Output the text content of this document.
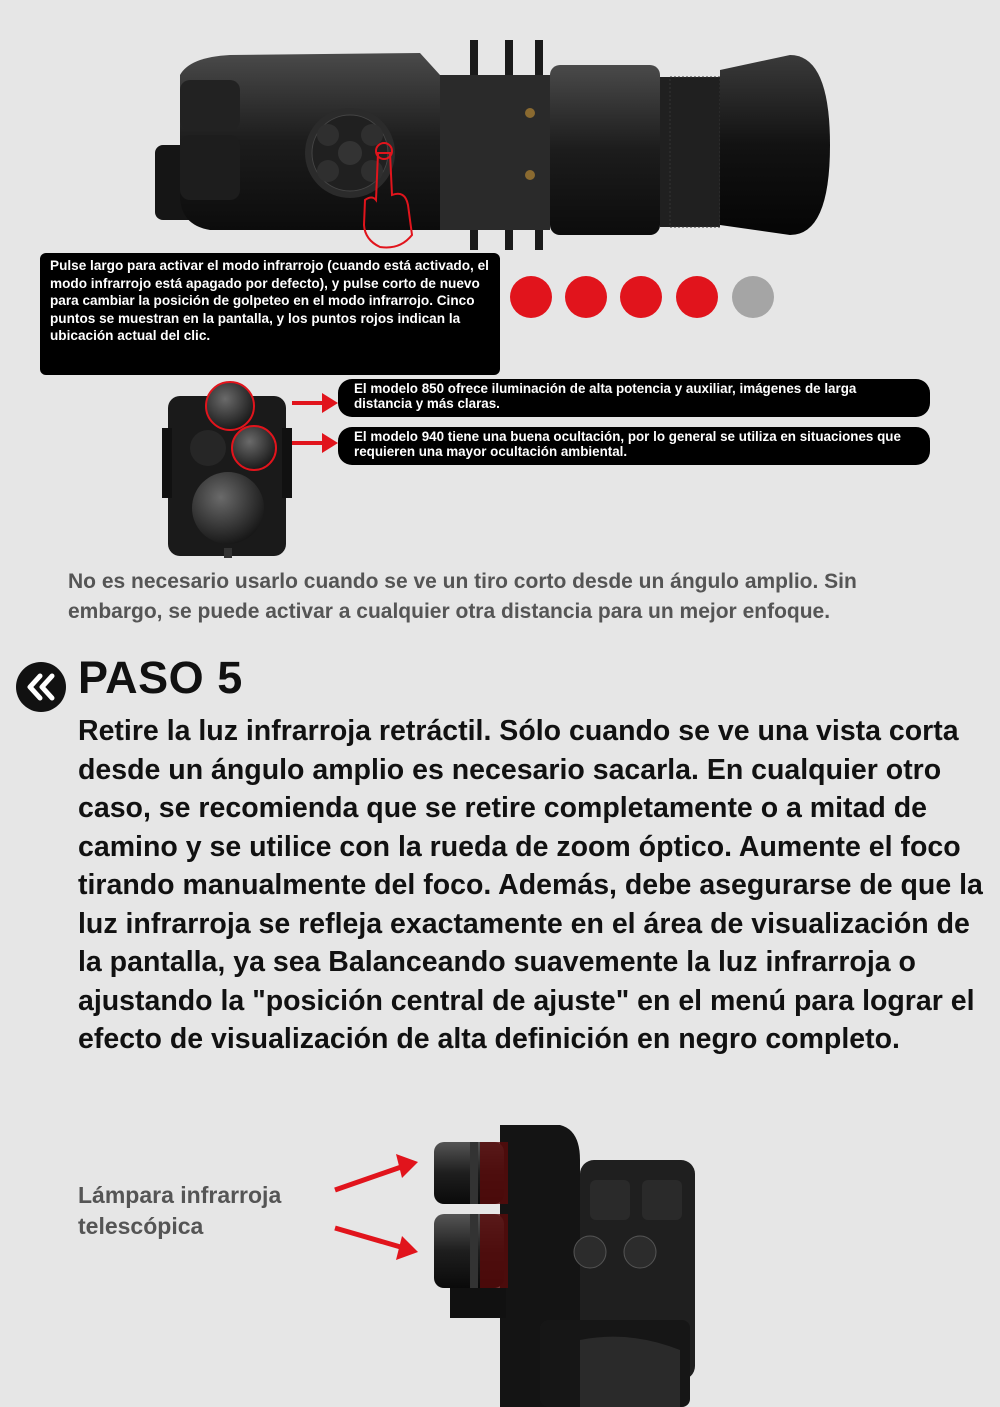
Pulse largo para activar el modo infrarrojo (cuando está activado, el modo infrarrojo está apagado por defecto), y pulse corto de nuevo para cambiar la posición de golpeteo en el modo infrarrojo. Cinco puntos se muestran en la pantalla, y los puntos rojos indican la ubicación actual del clic.
El modelo 850 ofrece iluminación de alta potencia y auxiliar, imágenes de larga distancia y más claras.
El modelo 940 tiene una buena ocultación, por lo general se utiliza en situaciones que requieren una mayor ocultación ambiental.
No es necesario usarlo cuando se ve un tiro corto desde un ángulo amplio. Sin embargo, se puede activar a cualquier otra distancia para un mejor enfoque.
PASO 5
Retire la luz infrarroja retráctil. Sólo cuando se ve una vista corta desde un ángulo amplio es necesario sacarla. En cualquier otro caso, se recomienda que se retire completamente o a mitad de camino y se utilice con la rueda de zoom óptico. Aumente el foco tirando manualmente del foco. Además, debe asegurarse de que la luz infrarroja se refleja exactamente en el área de visualización de la pantalla, ya sea Balanceando suavemente la luz infrarroja o ajustando la "posición central de ajuste" en el menú para lograr el efecto de visualización de alta definición en negro completo.
Lámpara infrarroja telescópica
